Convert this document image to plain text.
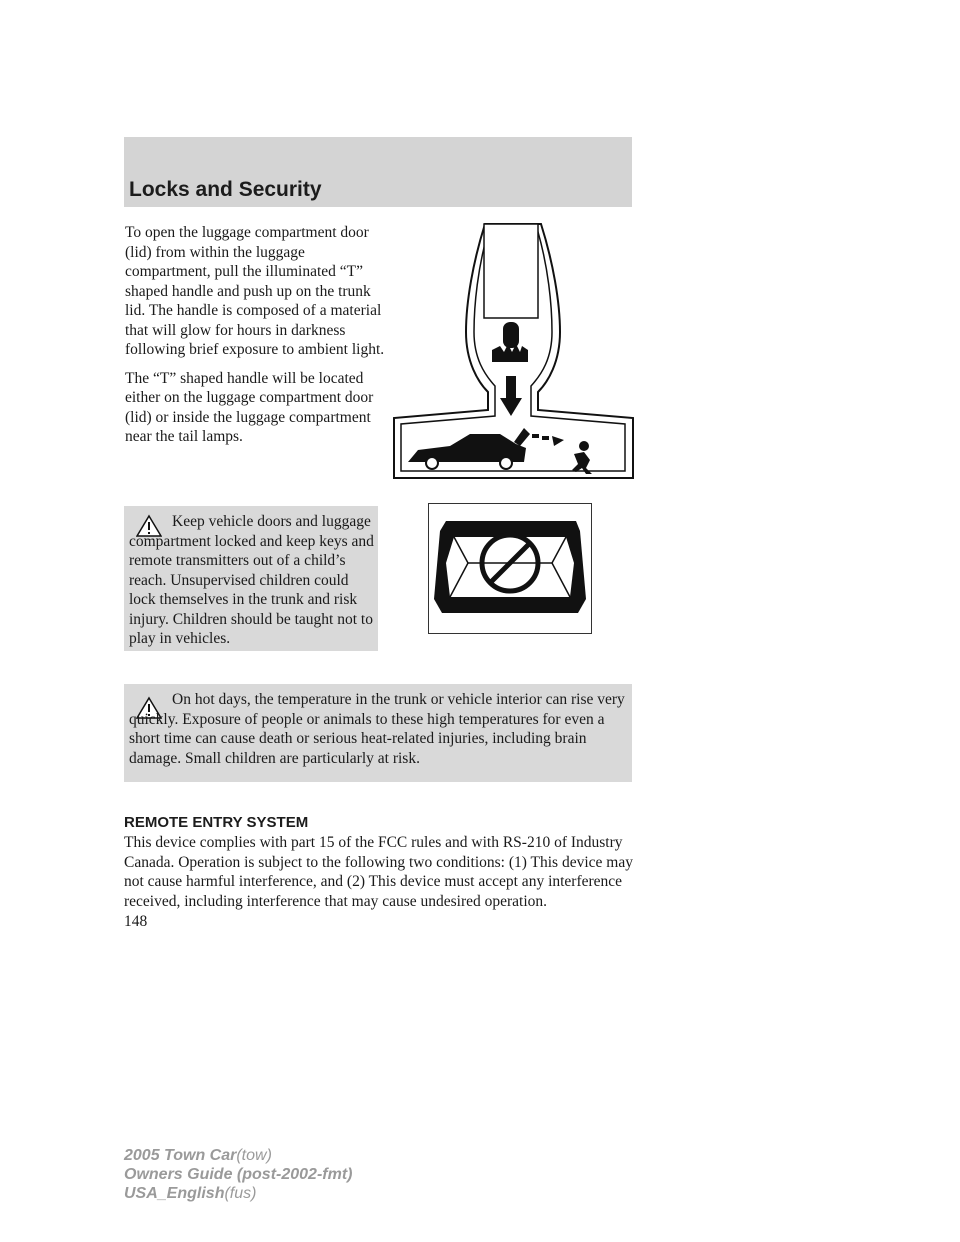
Locks and Security

To open the luggage compartment door (lid) from within the luggage compartment, pull the illuminated “T” shaped handle and push up on the trunk lid. The handle is composed of a material that will glow for hours in darkness following brief exposure to ambient light.

The “T” shaped handle will be located either on the luggage compartment door (lid) or inside the luggage compartment near the tail lamps.

Keep vehicle doors and luggage compartment locked and keep keys and remote transmitters out of a child’s reach. Unsupervised children could lock themselves in the trunk and risk injury. Children should be taught not to play in vehicles.

On hot days, the temperature in the trunk or vehicle interior can rise very quickly. Exposure of people or animals to these high temperatures for even a short time can cause death or serious heat-related injuries, including brain damage. Small children are particularly at risk.

REMOTE ENTRY SYSTEM

This device complies with part 15 of the FCC rules and with RS-210 of Industry Canada. Operation is subject to the following two conditions: (1) This device may not cause harmful interference, and (2) This device must accept any interference received, including interference that may cause undesired operation.

148
2005 Town Car(tow)
Owners Guide (post-2002-fmt)
USA_English(fus)
